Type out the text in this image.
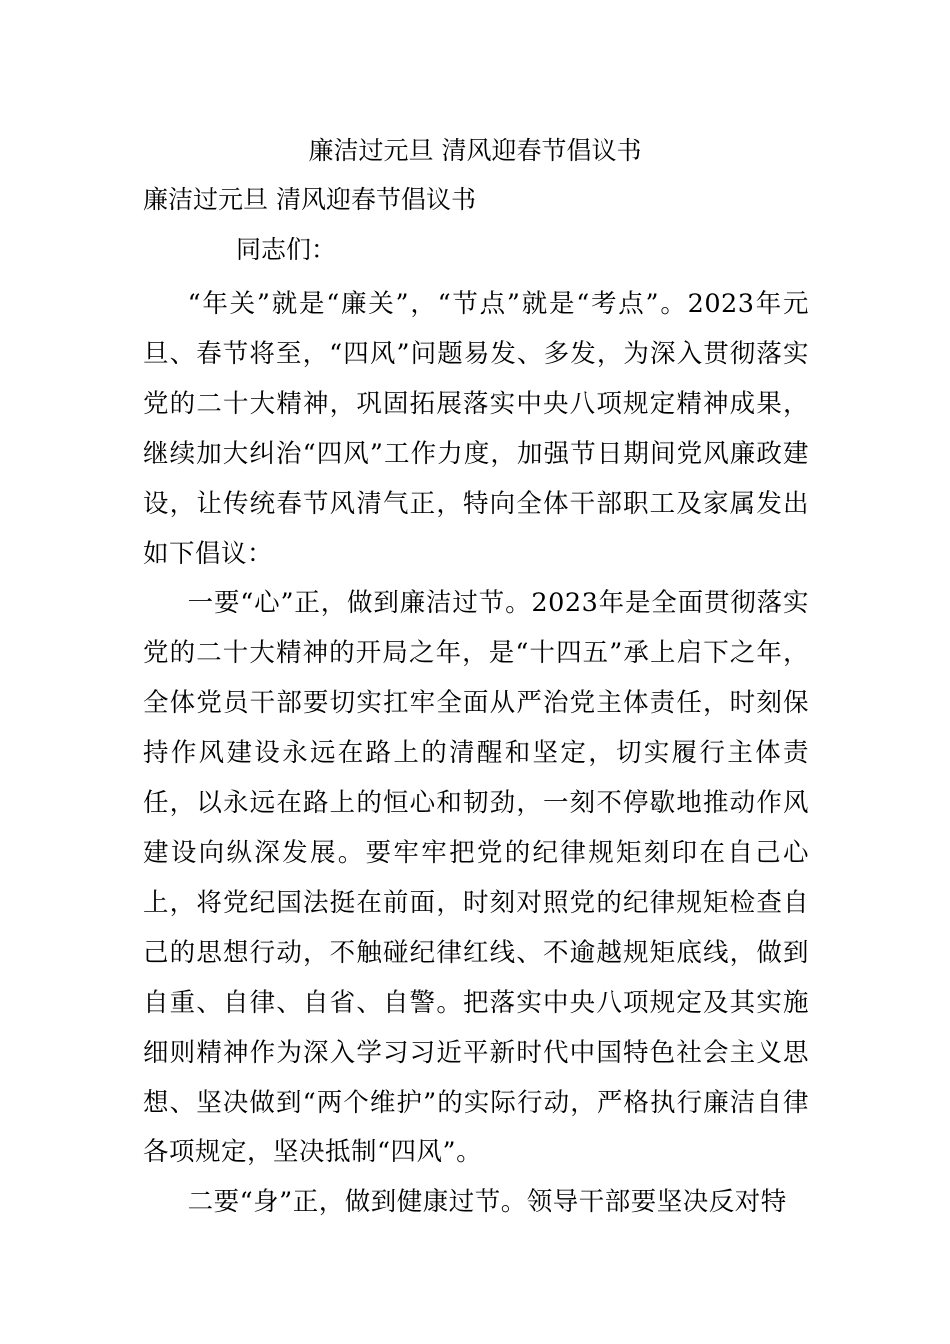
廉洁过元旦 清风迎春节倡议书
廉洁过元旦 清风迎春节倡议书
同志们：

“年关”就是“廉关”，“节点”就是“考点”。2023年元旦、春节将至，“四风”问题易发、多发，为深入贯彻落实党的二十大精神，巩固拓展落实中央八项规定精神成果，继续加大纠治“四风”工作力度，加强节日期间党风廉政建设，让传统春节风清气正，特向全体干部职工及家属发出如下倡议：

一要“心”正，做到廉洁过节。2023年是全面贯彻落实党的二十大精神的开局之年，是“十四五”承上启下之年，全体党员干部要切实扛牢全面从严治党主体责任，时刻保持作风建设永远在路上的清醒和坚定，切实履行主体责任，以永远在路上的恒心和韧劲，一刻不停歇地推动作风建设向纵深发展。要牢牢把党的纪律规矩刻印在自己心上，将党纪国法挺在前面，时刻对照党的纪律规矩检查自己的思想行动，不触碰纪律红线、不逾越规矩底线，做到自重、自律、自省、自警。把落实中央八项规定及其实施细则精神作为深入学习习近平新时代中国特色社会主义思想、坚决做到“两个维护”的实际行动，严格执行廉洁自律各项规定，坚决抵制“四风”。

二要“身”正，做到健康过节。领导干部要坚决反对特
